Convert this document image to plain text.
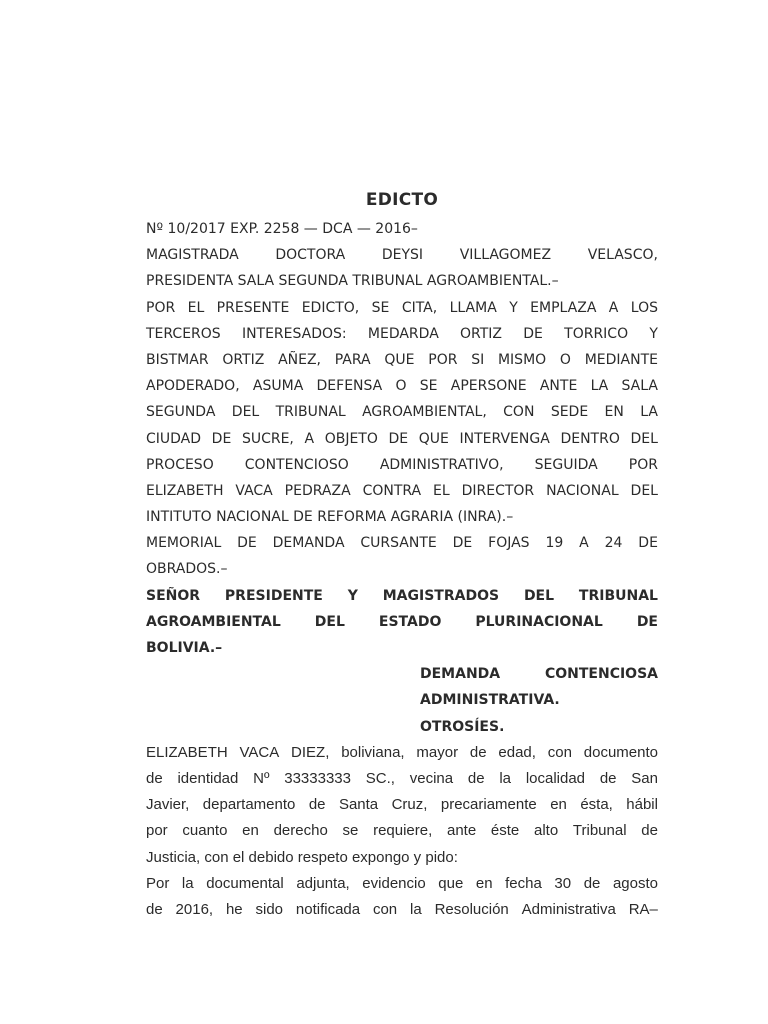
EDICTO
Nº 10/2017 EXP. 2258 — DCA — 2016–
MAGISTRADA	DOCTORA	DEYSI	VILLAGOMEZ	VELASCO,
PRESIDENTA SALA SEGUNDA TRIBUNAL AGROAMBIENTAL.–
POR EL PRESENTE EDICTO, SE CITA, LLAMA Y EMPLAZA A LOS
TERCEROS INTERESADOS: MEDARDA ORTIZ DE TORRICO Y
BISTMAR ORTIZ AÑEZ, PARA QUE POR SI MISMO O MEDIANTE
APODERADO, ASUMA DEFENSA O SE APERSONE ANTE LA SALA
SEGUNDA DEL TRIBUNAL AGROAMBIENTAL, CON SEDE EN LA
CIUDAD DE SUCRE, A OBJETO DE QUE INTERVENGA DENTRO DEL
PROCESO CONTENCIOSO ADMINISTRATIVO, SEGUIDA POR
ELIZABETH VACA PEDRAZA CONTRA EL DIRECTOR NACIONAL DEL
INTITUTO NACIONAL DE REFORMA AGRARIA (INRA).–
MEMORIAL DE DEMANDA CURSANTE DE FOJAS 19 A 24 DE
OBRADOS.–
SEÑOR PRESIDENTE Y MAGISTRADOS DEL TRIBUNAL
AGROAMBIENTAL DEL ESTADO PLURINACIONAL DE
BOLIVIA.–
DEMANDA	CONTENCIOSA
ADMINISTRATIVA.
OTROSÍES.
ELIZABETH VACA DIEZ, boliviana, mayor de edad, con documento
de identidad Nº 33333333 SC., vecina de la localidad de San
Javier, departamento de Santa Cruz, precariamente en ésta, hábil
por cuanto en derecho se requiere, ante éste alto Tribunal de
Justicia, con el debido respeto expongo y pido:
Por la documental adjunta, evidencio que en fecha 30 de agosto
de 2016, he sido notificada con la Resolución Administrativa RA–
